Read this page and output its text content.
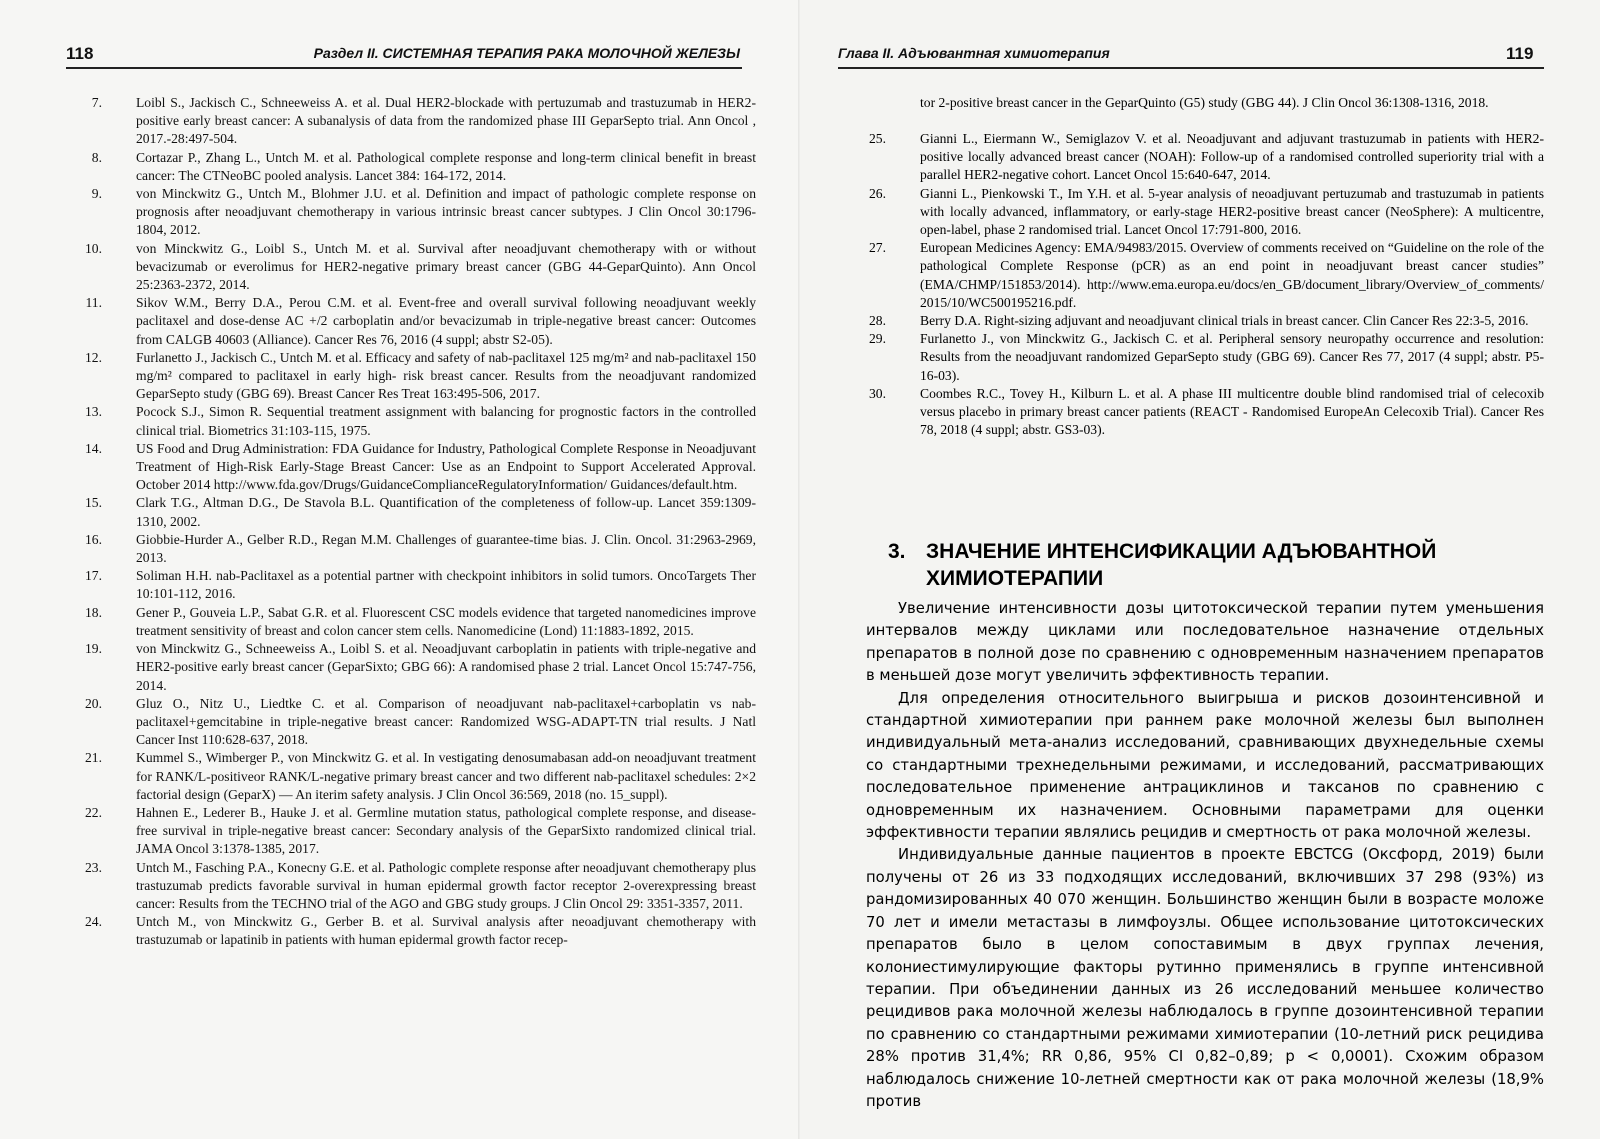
118	Раздел II. СИСТЕМНАЯ ТЕРАПИЯ РАКА МОЛОЧНОЙ ЖЕЛЕЗЫ
7.	Loibl S., Jackisch C., Schneeweiss A. et al. Dual HER2-blockade with pertuzumab and trastuzumab in HER2-positive early breast cancer: A subanalysis of data from the randomized phase III GeparSepto trial. Ann Oncol , 2017.-28:497-504.
8.	Cortazar P., Zhang L., Untch M. et al. Pathological complete response and long-term clinical benefit in breast cancer: The CTNeoBC pooled analysis. Lancet 384: 164-172, 2014.
9.	von Minckwitz G., Untch M., Blohmer J.U. et al. Definition and impact of pathologic complete response on prognosis after neoadjuvant chemotherapy in various intrinsic breast cancer subtypes. J Clin Oncol 30:1796-1804, 2012.
10.	von Minckwitz G., Loibl S., Untch M. et al. Survival after neoadjuvant chemotherapy with or without bevacizumab or everolimus for HER2-negative primary breast cancer (GBG 44-GeparQuinto). Ann Oncol 25:2363-2372, 2014.
11.	Sikov W.M., Berry D.A., Perou C.M. et al. Event-free and overall survival following neoadjuvant weekly paclitaxel and dose-dense AC +/2 carboplatin and/or bevacizumab in triple-negative breast cancer: Outcomes from CALGB 40603 (Alliance). Cancer Res 76, 2016 (4 suppl; abstr S2-05).
12.	Furlanetto J., Jackisch C., Untch M. et al. Efficacy and safety of nab-paclitaxel 125 mg/m² and nab-paclitaxel 150 mg/m² compared to paclitaxel in early high- risk breast cancer. Results from the neoadjuvant randomized GeparSepto study (GBG 69). Breast Cancer Res Treat 163:495-506, 2017.
13.	Pocock S.J., Simon R. Sequential treatment assignment with balancing for prognostic factors in the controlled clinical trial. Biometrics 31:103-115, 1975.
14.	US Food and Drug Administration: FDA Guidance for Industry, Pathological Complete Response in Neoadjuvant Treatment of High-Risk Early-Stage Breast Cancer: Use as an Endpoint to Support Accelerated Approval. October 2014 http://www.fda.gov/Drugs/GuidanceComplianceRegulatoryInformation/ Guidances/default.htm.
15.	Clark T.G., Altman D.G., De Stavola B.L. Quantification of the completeness of follow-up. Lancet 359:1309-1310, 2002.
16.	Giobbie-Hurder A., Gelber R.D., Regan M.M. Challenges of guarantee-time bias. J. Clin. Oncol. 31:2963-2969, 2013.
17.	Soliman H.H. nab-Paclitaxel as a potential partner with checkpoint inhibitors in solid tumors. OncoTargets Ther 10:101-112, 2016.
18.	Gener P., Gouveia L.P., Sabat G.R. et al. Fluorescent CSC models evidence that targeted nanomedicines improve treatment sensitivity of breast and colon cancer stem cells. Nanomedicine (Lond) 11:1883-1892, 2015.
19.	von Minckwitz G., Schneeweiss A., Loibl S. et al. Neoadjuvant carboplatin in patients with triple-negative and HER2-positive early breast cancer (GeparSixto; GBG 66): A randomised phase 2 trial. Lancet Oncol 15:747-756, 2014.
20.	Gluz O., Nitz U., Liedtke C. et al. Comparison of neoadjuvant nab-paclitaxel+carboplatin vs nab-paclitaxel+gemcitabine in triple-negative breast cancer: Randomized WSG-ADAPT-TN trial results. J Natl Cancer Inst 110:628-637, 2018.
21.	Kummel S., Wimberger P., von Minckwitz G. et al. In vestigating denosumabasan add-on neoadjuvant treatment for RANK/L-positiveor RANK/L-negative primary breast cancer and two different nab-paclitaxel schedules: 2×2 factorial design (GeparX) — An iterim safety analysis. J Clin Oncol 36:569, 2018 (no. 15_suppl).
22.	Hahnen E., Lederer B., Hauke J. et al. Germline mutation status, pathological complete response, and disease-free survival in triple-negative breast cancer: Secondary analysis of the GeparSixto randomized clinical trial. JAMA Oncol 3:1378-1385, 2017.
23.	Untch M., Fasching P.A., Konecny G.E. et al. Pathologic complete response after neoadjuvant chemotherapy plus trastuzumab predicts favorable survival in human epidermal growth factor receptor 2-overexpressing breast cancer: Results from the TECHNO trial of the AGO and GBG study groups. J Clin Oncol 29: 3351-3357, 2011.
24.	Untch M., von Minckwitz G., Gerber B. et al. Survival analysis after neoadjuvant chemotherapy with trastuzumab or lapatinib in patients with human epidermal growth factor recep-
Глава II. Адъювантная химиотерапия	119
tor 2-positive breast cancer in the GeparQuinto (G5) study (GBG 44). J Clin Oncol 36:1308-1316, 2018.
25.	Gianni L., Eiermann W., Semiglazov V. et al. Neoadjuvant and adjuvant trastuzumab in patients with HER2-positive locally advanced breast cancer (NOAH): Follow-up of a randomised controlled superiority trial with a parallel HER2-negative cohort. Lancet Oncol 15:640-647, 2014.
26.	Gianni L., Pienkowski T., Im Y.H. et al. 5-year analysis of neoadjuvant pertuzumab and trastuzumab in patients with locally advanced, inflammatory, or early-stage HER2-positive breast cancer (NeoSphere): A multicentre, open-label, phase 2 randomised trial. Lancet Oncol 17:791-800, 2016.
27.	European Medicines Agency: EMA/94983/2015. Overview of comments received on “Guideline on the role of the pathological Complete Response (pCR) as an end point in neoadjuvant breast cancer studies” (EMA/CHMP/151853/2014). http://www.ema.europa.eu/docs/en_GB/document_library/Overview_of_comments/ 2015/10/WC500195216.pdf.
28.	Berry D.A. Right-sizing adjuvant and neoadjuvant clinical trials in breast cancer. Clin Cancer Res 22:3-5, 2016.
29.	Furlanetto J., von Minckwitz G., Jackisch C. et al. Peripheral sensory neuropathy occurrence and resolution: Results from the neoadjuvant randomized GeparSepto study (GBG 69). Cancer Res 77, 2017 (4 suppl; abstr. P5-16-03).
30.	Coombes R.C., Tovey H., Kilburn L. et al. A phase III multicentre double blind randomised trial of celecoxib versus placebo in primary breast cancer patients (REACT - Randomised EuropeAn Celecoxib Trial). Cancer Res 78, 2018 (4 suppl; abstr. GS3-03).
3. ЗНАЧЕНИЕ ИНТЕНСИФИКАЦИИ АДЪЮВАНТНОЙ
ХИМИОТЕРАПИИ

Увеличение интенсивности дозы цитотоксической терапии путем уменьшения интервалов между циклами или последовательное назначение отдельных препаратов в полной дозе по сравнению с одновременным назначением препаратов в меньшей дозе могут увеличить эффективность терапии.

Для определения относительного выигрыша и рисков дозоинтенсивной и стандартной химиотерапии при раннем раке молочной железы был выполнен индивидуальный мета-анализ исследований, сравнивающих двухнедельные схемы со стандартными трехнедельными режимами, и исследований, рассматривающих последовательное применение антрациклинов и таксанов по сравнению с одновременным их назначением. Основными параметрами для оценки эффективности терапии являлись рецидив и смертность от рака молочной железы.

Индивидуальные данные пациентов в проекте EBCTCG (Оксфорд, 2019) были получены от 26 из 33 подходящих исследований, включивших 37 298 (93%) из рандомизированных 40 070 женщин. Большинство женщин были в возрасте моложе 70 лет и имели метастазы в лимфоузлы. Общее использование цитотоксических препаратов было в целом сопоставимым в двух группах лечения, колониестимулирующие факторы рутинно применялись в группе интенсивной терапии. При объединении данных из 26 исследований меньшее количество рецидивов рака молочной железы наблюдалось в группе дозоинтенсивной терапии по сравнению со стандартными режимами химиотерапии (10-летний риск рецидива 28% против 31,4%; RR 0,86, 95% CI 0,82–0,89; p < 0,0001). Схожим образом наблюдалось снижение 10-летней смертности как от рака молочной железы (18,9% против
